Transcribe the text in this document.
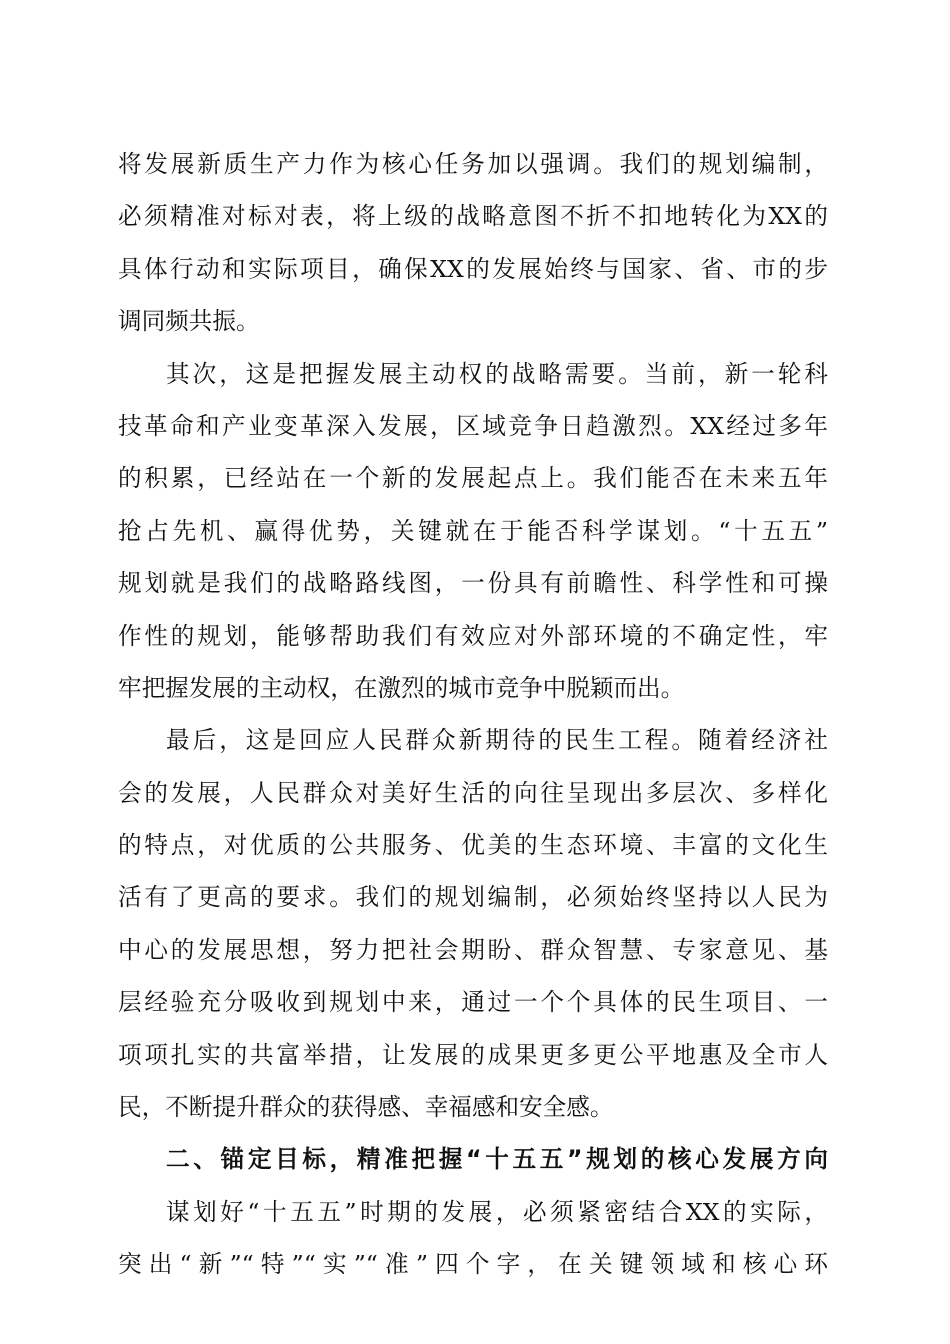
将发展新质生产力作为核心任务加以强调。我们的规划编制，
必须精准对标对表，将上级的战略意图不折不扣地转化为XX的
具体行动和实际项目，确保XX的发展始终与国家、省、市的步
调同频共振。
其次，这是把握发展主动权的战略需要。当前，新一轮科
技革命和产业变革深入发展，区域竞争日趋激烈。XX经过多年
的积累，已经站在一个新的发展起点上。我们能否在未来五年
抢占先机、赢得优势，关键就在于能否科学谋划。“十五五”
规划就是我们的战略路线图，一份具有前瞻性、科学性和可操
作性的规划，能够帮助我们有效应对外部环境的不确定性，牢
牢把握发展的主动权，在激烈的城市竞争中脱颖而出。
最后，这是回应人民群众新期待的民生工程。随着经济社
会的发展，人民群众对美好生活的向往呈现出多层次、多样化
的特点，对优质的公共服务、优美的生态环境、丰富的文化生
活有了更高的要求。我们的规划编制，必须始终坚持以人民为
中心的发展思想，努力把社会期盼、群众智慧、专家意见、基
层经验充分吸收到规划中来，通过一个个具体的民生项目、一
项项扎实的共富举措，让发展的成果更多更公平地惠及全市人
民，不断提升群众的获得感、幸福感和安全感。
二、锚定目标，精准把握“十五五”规划的核心发展方向
谋划好“十五五”时期的发展，必须紧密结合XX的实际，
突出“新”“特”“实”“准”四个字，在关键领域和核心环
